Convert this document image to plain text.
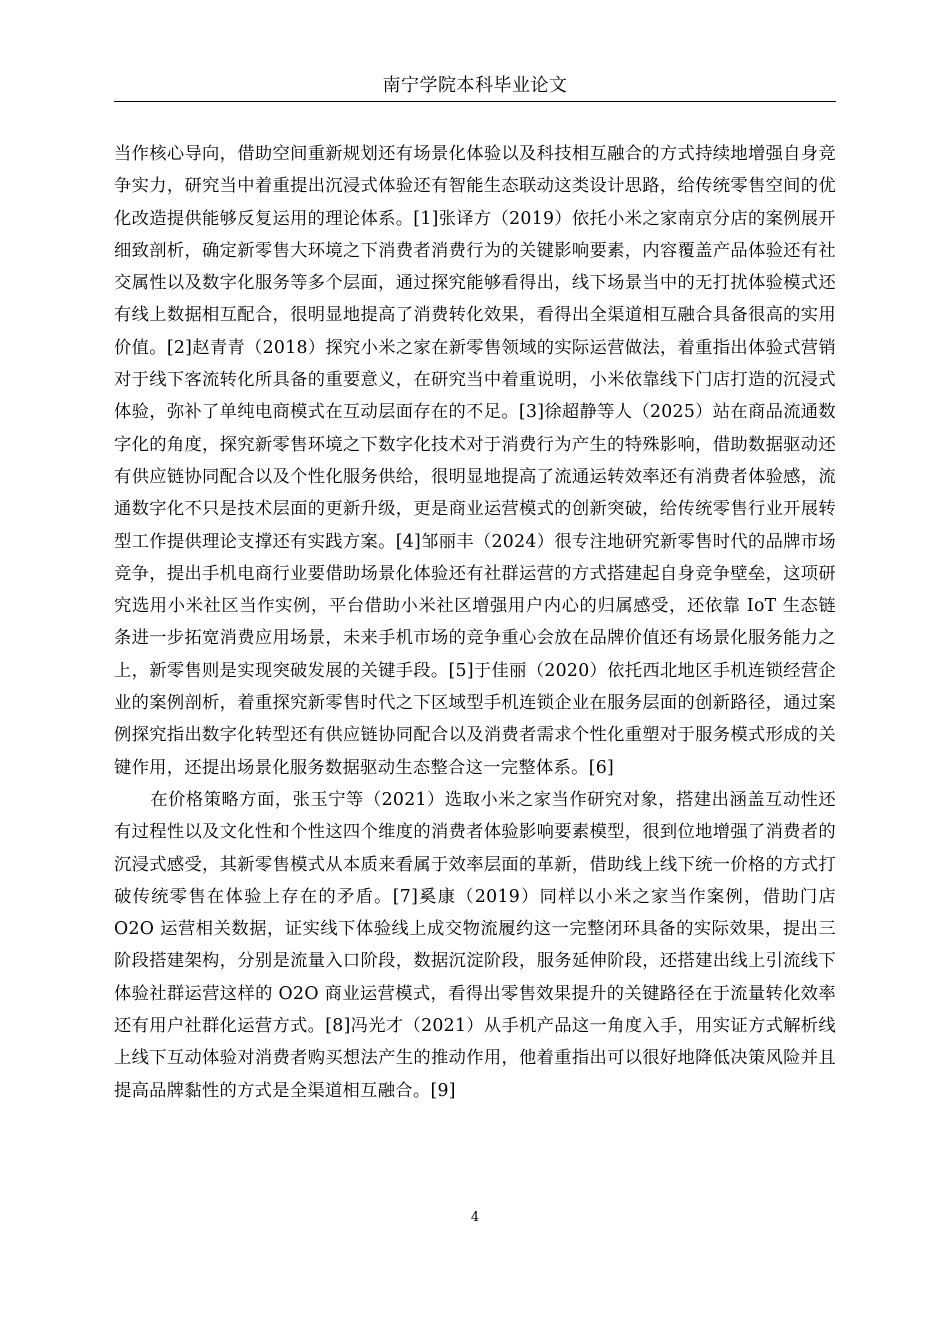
南宁学院本科毕业论文

当作核心导向，借助空间重新规划还有场景化体验以及科技相互融合的方式持续地增强自身竞争实力，研究当中着重提出沉浸式体验还有智能生态联动这类设计思路，给传统零售空间的优化改造提供能够反复运用的理论体系。[1]张译方（2019）依托小米之家南京分店的案例展开细致剖析，确定新零售大环境之下消费者消费行为的关键影响要素，内容覆盖产品体验还有社交属性以及数字化服务等多个层面，通过探究能够看得出，线下场景当中的无打扰体验模式还有线上数据相互配合，很明显地提高了消费转化效果，看得出全渠道相互融合具备很高的实用价值。[2]赵青青（2018）探究小米之家在新零售领域的实际运营做法，着重指出体验式营销对于线下客流转化所具备的重要意义，在研究当中着重说明，小米依靠线下门店打造的沉浸式体验，弥补了单纯电商模式在互动层面存在的不足。[3]徐超静等人（2025）站在商品流通数字化的角度，探究新零售环境之下数字化技术对于消费行为产生的特殊影响，借助数据驱动还有供应链协同配合以及个性化服务供给，很明显地提高了流通运转效率还有消费者体验感，流通数字化不只是技术层面的更新升级，更是商业运营模式的创新突破，给传统零售行业开展转型工作提供理论支撑还有实践方案。[4]邹丽丰（2024）很专注地研究新零售时代的品牌市场竞争，提出手机电商行业要借助场景化体验还有社群运营的方式搭建起自身竞争壁垒，这项研究选用小米社区当作实例，平台借助小米社区增强用户内心的归属感受，还依靠 IoT 生态链条进一步拓宽消费应用场景，未来手机市场的竞争重心会放在品牌价值还有场景化服务能力之上，新零售则是实现突破发展的关键手段。[5]于佳丽（2020）依托西北地区手机连锁经营企业的案例剖析，着重探究新零售时代之下区域型手机连锁企业在服务层面的创新路径，通过案例探究指出数字化转型还有供应链协同配合以及消费者需求个性化重塑对于服务模式形成的关键作用，还提出场景化服务数据驱动生态整合这一完整体系。[6]

在价格策略方面，张玉宁等（2021）选取小米之家当作研究对象，搭建出涵盖互动性还有过程性以及文化性和个性这四个维度的消费者体验影响要素模型，很到位地增强了消费者的沉浸式感受，其新零售模式从本质来看属于效率层面的革新，借助线上线下统一价格的方式打破传统零售在体验上存在的矛盾。[7]奚康（2019）同样以小米之家当作案例，借助门店 O2O 运营相关数据，证实线下体验线上成交物流履约这一完整闭环具备的实际效果，提出三阶段搭建架构，分别是流量入口阶段，数据沉淀阶段，服务延伸阶段，还搭建出线上引流线下体验社群运营这样的 O2O 商业运营模式，看得出零售效果提升的关键路径在于流量转化效率还有用户社群化运营方式。[8]冯光才（2021）从手机产品这一角度入手，用实证方式解析线上线下互动体验对消费者购买想法产生的推动作用，他着重指出可以很好地降低决策风险并且提高品牌黏性的方式是全渠道相互融合。[9]

4
